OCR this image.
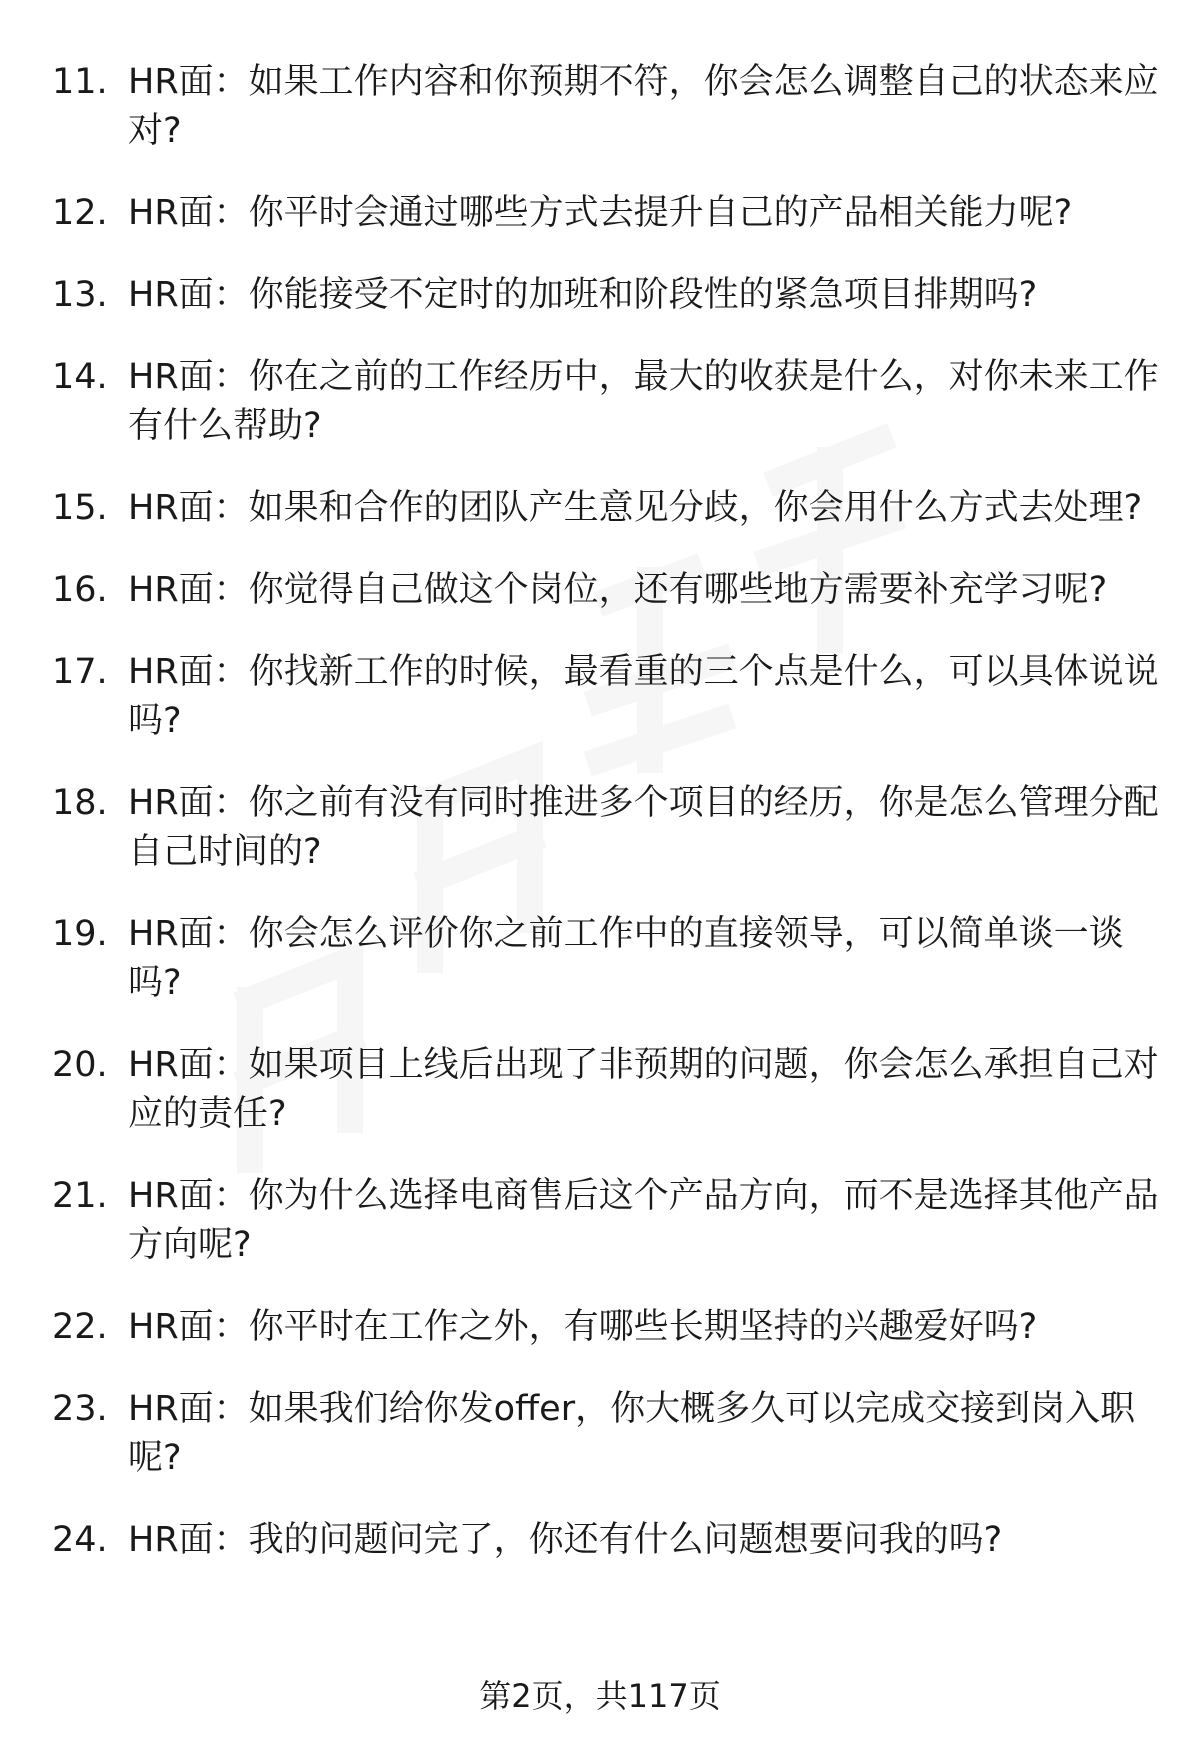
11. HR面：如果工作内容和你预期不符，你会怎么调整自己的状态来应对?
12. HR面：你平时会通过哪些方式去提升自己的产品相关能力呢?
13. HR面：你能接受不定时的加班和阶段性的紧急项目排期吗?
14. HR面：你在之前的工作经历中，最大的收获是什么，对你未来工作有什么帮助?
15. HR面：如果和合作的团队产生意见分歧，你会用什么方式去处理?
16. HR面：你觉得自己做这个岗位，还有哪些地方需要补充学习呢?
17. HR面：你找新工作的时候，最看重的三个点是什么，可以具体说说吗?
18. HR面：你之前有没有同时推进多个项目的经历，你是怎么管理分配自己时间的?
19. HR面：你会怎么评价你之前工作中的直接领导，可以简单谈一谈吗?
20. HR面：如果项目上线后出现了非预期的问题，你会怎么承担自己对应的责任?
21. HR面：你为什么选择电商售后这个产品方向，而不是选择其他产品方向呢?
22. HR面：你平时在工作之外，有哪些长期坚持的兴趣爱好吗?
23. HR面：如果我们给你发offer，你大概多久可以完成交接到岗入职呢?
24. HR面：我的问题问完了，你还有什么问题想要问我的吗?
第2页，共117页
